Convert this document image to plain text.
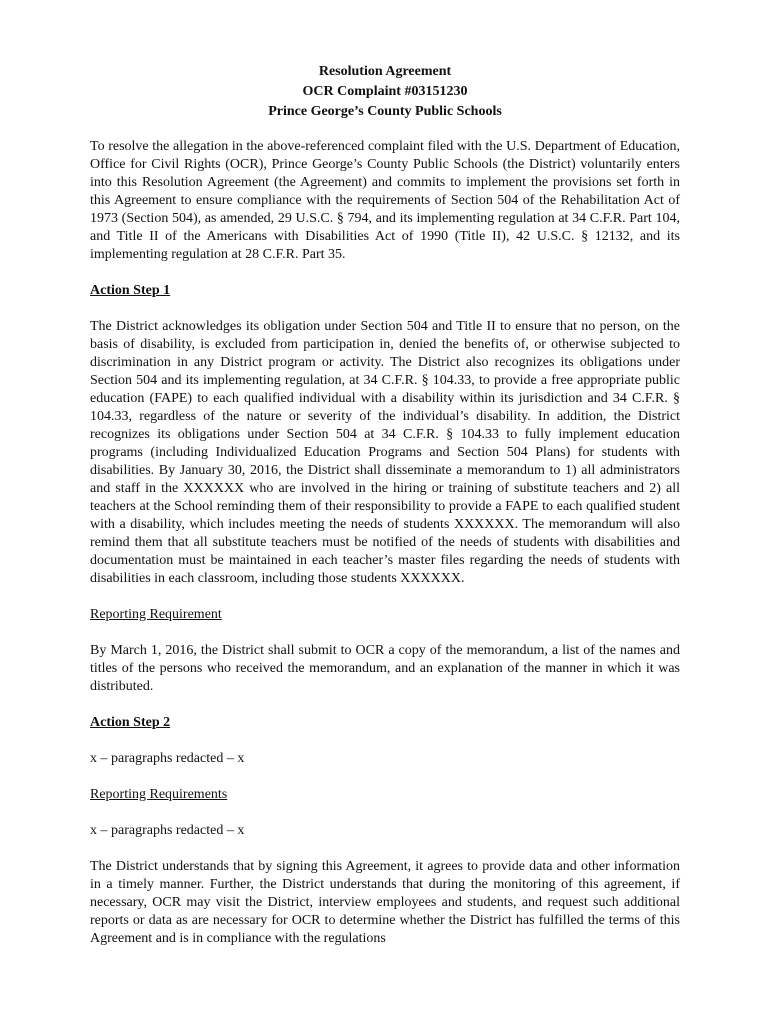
Resolution Agreement
OCR Complaint #03151230
Prince George’s County Public Schools

To resolve the allegation in the above-referenced complaint filed with the U.S. Department of Education, Office for Civil Rights (OCR), Prince George’s County Public Schools (the District) voluntarily enters into this Resolution Agreement (the Agreement) and commits to implement the provisions set forth in this Agreement to ensure compliance with the requirements of Section 504 of the Rehabilitation Act of 1973 (Section 504), as amended, 29 U.S.C. § 794, and its implementing regulation at 34 C.F.R. Part 104, and Title II of the Americans with Disabilities Act of 1990 (Title II), 42 U.S.C. § 12132, and its implementing regulation at 28 C.F.R. Part 35.

Action Step 1

The District acknowledges its obligation under Section 504 and Title II to ensure that no person, on the basis of disability, is excluded from participation in, denied the benefits of, or otherwise subjected to discrimination in any District program or activity. The District also recognizes its obligations under Section 504 and its implementing regulation, at 34 C.F.R. § 104.33, to provide a free appropriate public education (FAPE) to each qualified individual with a disability within its jurisdiction and 34 C.F.R. § 104.33, regardless of the nature or severity of the individual’s disability. In addition, the District recognizes its obligations under Section 504 at 34 C.F.R. § 104.33 to fully implement education programs (including Individualized Education Programs and Section 504 Plans) for students with disabilities. By January 30, 2016, the District shall disseminate a memorandum to 1) all administrators and staff in the XXXXXX who are involved in the hiring or training of substitute teachers and 2) all teachers at the School reminding them of their responsibility to provide a FAPE to each qualified student with a disability, which includes meeting the needs of students XXXXXX. The memorandum will also remind them that all substitute teachers must be notified of the needs of students with disabilities and documentation must be maintained in each teacher’s master files regarding the needs of students with disabilities in each classroom, including those students XXXXXX.

Reporting Requirement

By March 1, 2016, the District shall submit to OCR a copy of the memorandum, a list of the names and titles of the persons who received the memorandum, and an explanation of the manner in which it was distributed.

Action Step 2

x – paragraphs redacted – x

Reporting Requirements

x – paragraphs redacted – x

The District understands that by signing this Agreement, it agrees to provide data and other information in a timely manner. Further, the District understands that during the monitoring of this agreement, if necessary, OCR may visit the District, interview employees and students, and request such additional reports or data as are necessary for OCR to determine whether the District has fulfilled the terms of this Agreement and is in compliance with the regulations
